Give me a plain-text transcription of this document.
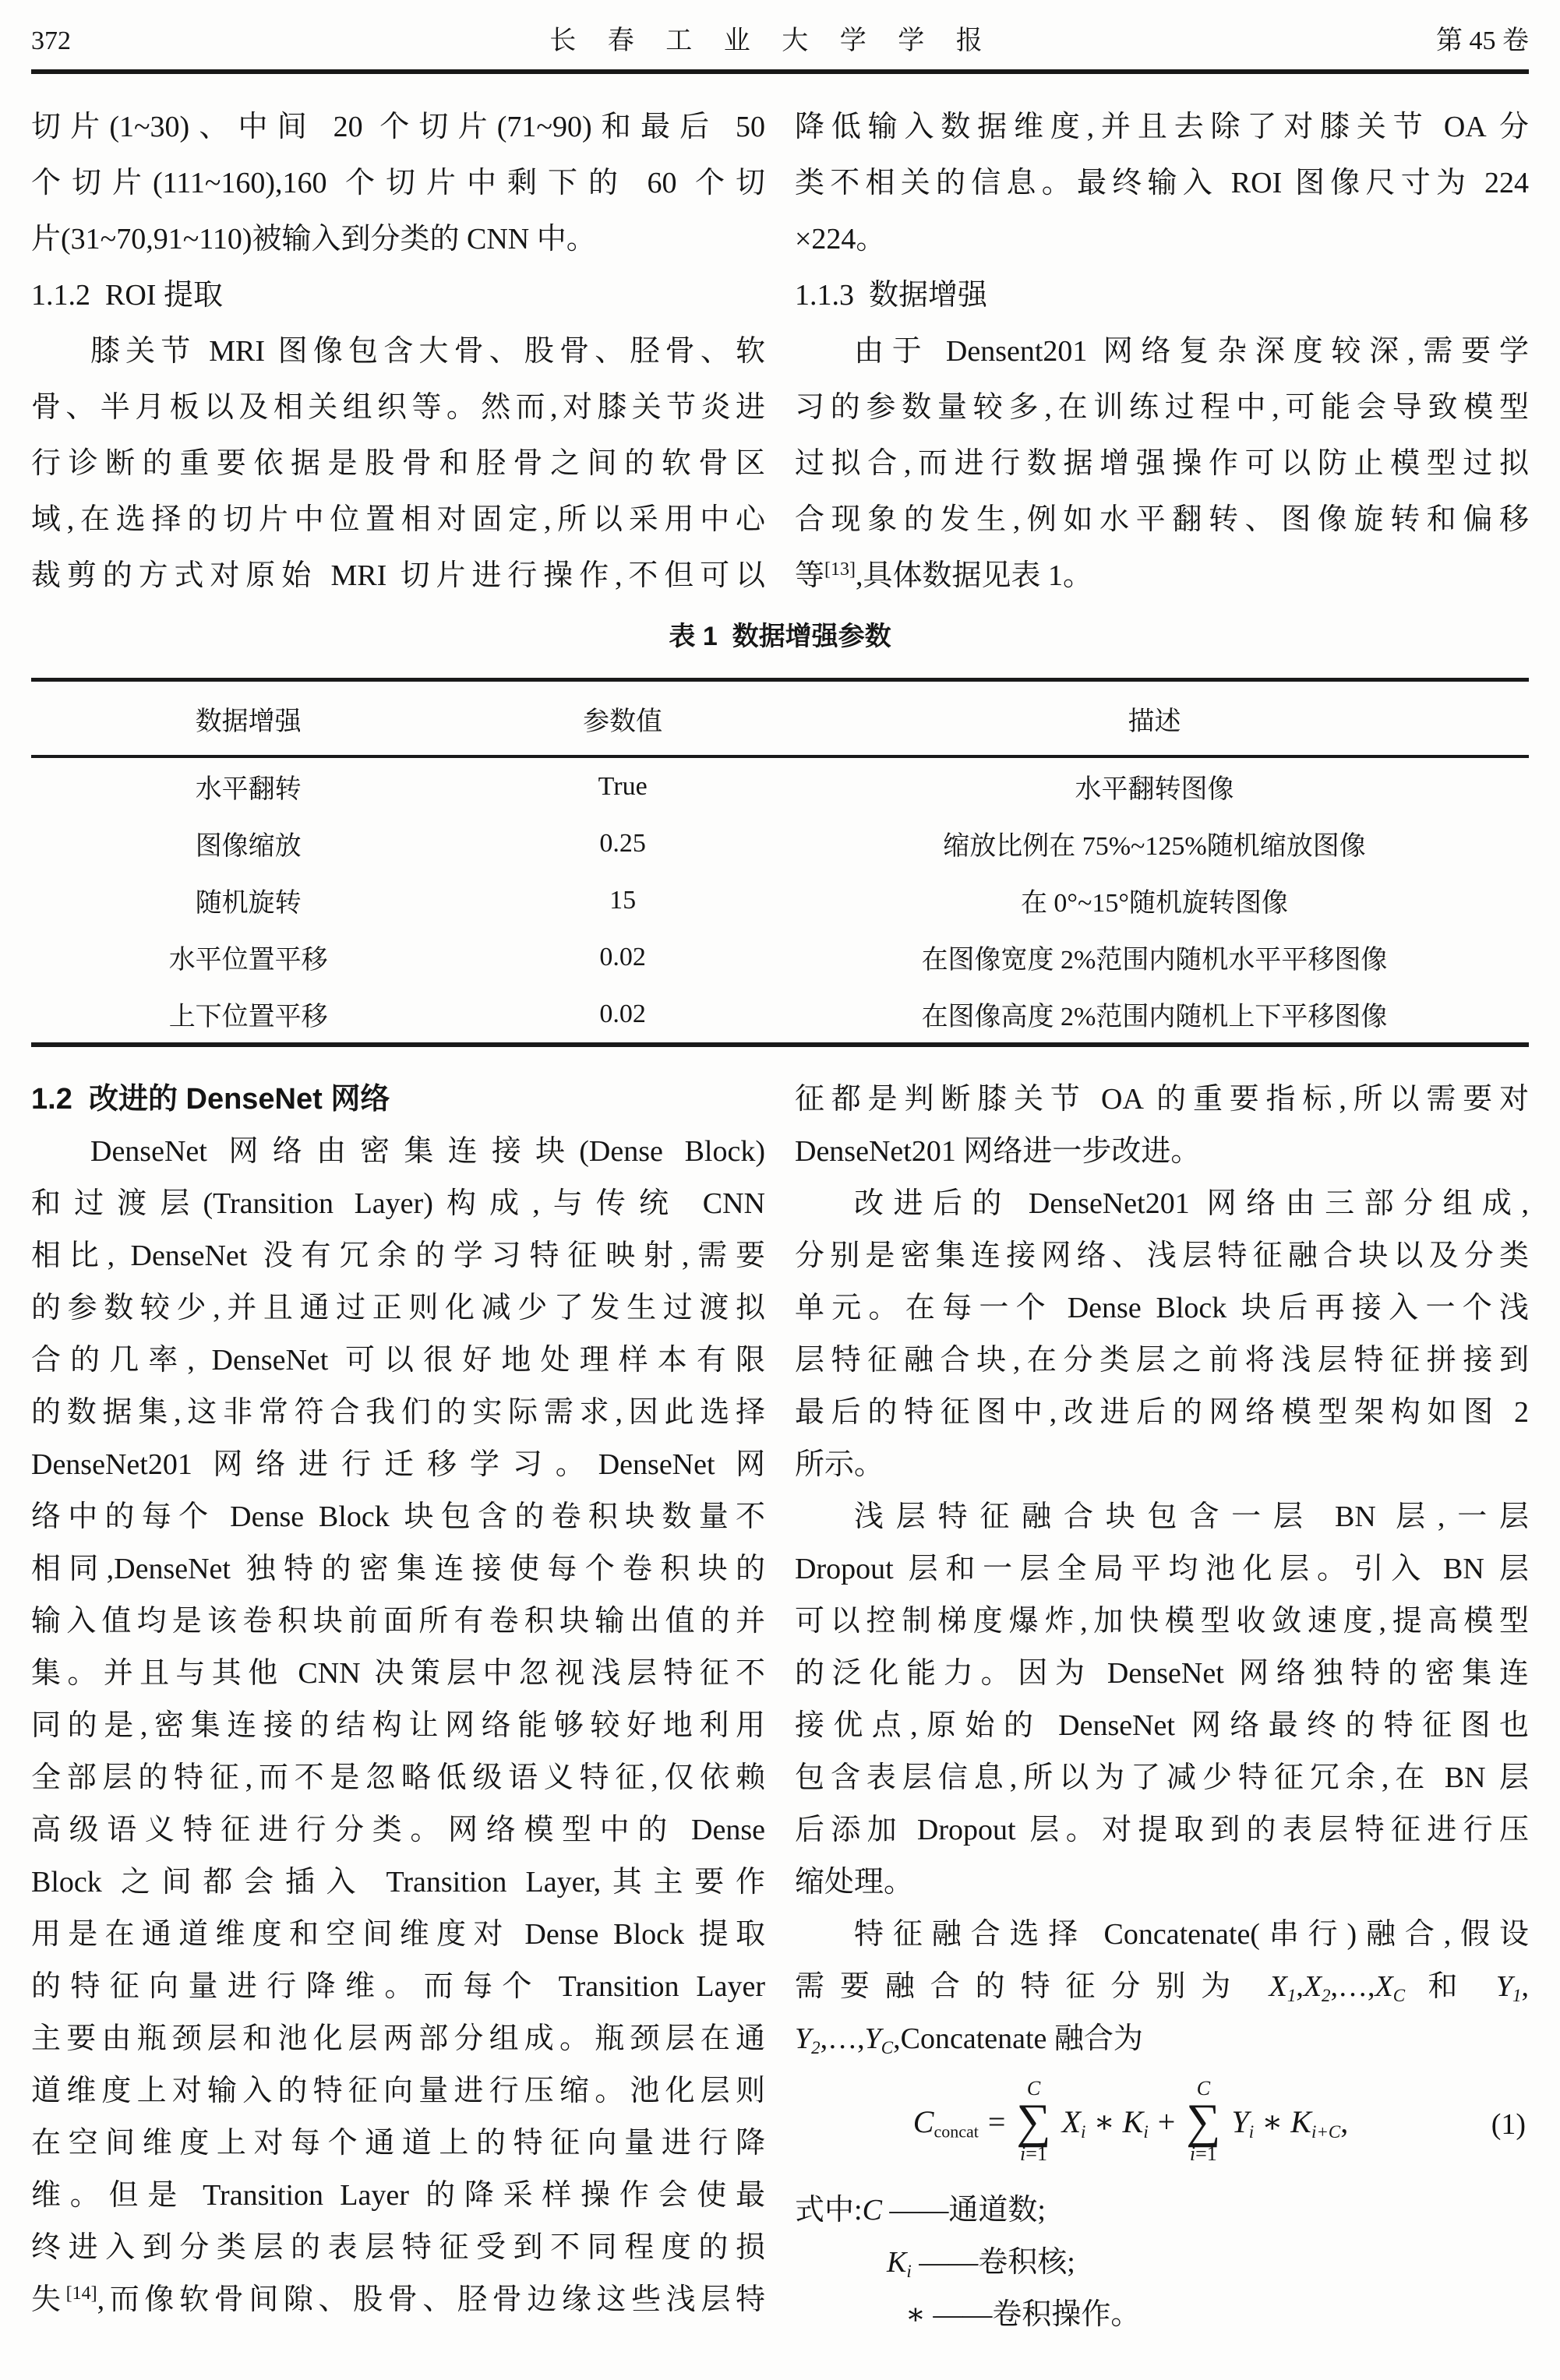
372	长 春 工 业 大 学 学 报	第 45 卷
切片(1~30)、中间 20 个切片(71~90)和最后 50
个切片(111~160),160 个切片中剩下的 60 个切
片(31~70,91~110)被输入到分类的 CNN 中。
1.1.2  ROI 提取
膝关节 MRI 图像包含大骨、股骨、胫骨、软
骨、半月板以及相关组织等。然而,对膝关节炎进
行诊断的重要依据是股骨和胫骨之间的软骨区
域,在选择的切片中位置相对固定,所以采用中心
裁剪的方式对原始 MRI 切片进行操作,不但可以
降低输入数据维度,并且去除了对膝关节 OA 分
类不相关的信息。最终输入 ROI 图像尺寸为 224
×224。
1.1.3  数据增强
由于 Densent201 网络复杂深度较深,需要学
习的参数量较多,在训练过程中,可能会导致模型
过拟合,而进行数据增强操作可以防止模型过拟
合现象的发生,例如水平翻转、图像旋转和偏移
等[13],具体数据见表 1。
表 1  数据增强参数
数据增强	参数值	描述
水平翻转	True	水平翻转图像
图像缩放	0.25	缩放比例在 75%~125%随机缩放图像
随机旋转	15	在 0°~15°随机旋转图像
水平位置平移	0.02	在图像宽度 2%范围内随机水平平移图像
上下位置平移	0.02	在图像高度 2%范围内随机上下平移图像
1.2  改进的 DenseNet 网络
DenseNet 网络由密集连接块(Dense Block)
和过渡层(Transition Layer)构成,与传统 CNN
相比, DenseNet 没有冗余的学习特征映射,需要
的参数较少,并且通过正则化减少了发生过渡拟
合的几率, DenseNet 可以很好地处理样本有限
的数据集,这非常符合我们的实际需求,因此选择
DenseNet201 网络进行迁移学习。DenseNet 网
络中的每个 Dense Block 块包含的卷积块数量不
相同,DenseNet 独特的密集连接使每个卷积块的
输入值均是该卷积块前面所有卷积块输出值的并
集。并且与其他 CNN 决策层中忽视浅层特征不
同的是,密集连接的结构让网络能够较好地利用
全部层的特征,而不是忽略低级语义特征,仅依赖
高级语义特征进行分类。网络模型中的 Dense
Block 之间都会插入 Transition Layer,其主要作
用是在通道维度和空间维度对 Dense Block 提取
的特征向量进行降维。而每个 Transition Layer
主要由瓶颈层和池化层两部分组成。瓶颈层在通
道维度上对输入的特征向量进行压缩。池化层则
在空间维度上对每个通道上的特征向量进行降
维。但是 Transition Layer 的降采样操作会使最
终进入到分类层的表层特征受到不同程度的损
失[14],而像软骨间隙、股骨、胫骨边缘这些浅层特
征都是判断膝关节 OA 的重要指标,所以需要对
DenseNet201 网络进一步改进。
改进后的 DenseNet201 网络由三部分组成,
分别是密集连接网络、浅层特征融合块以及分类
单元。在每一个 Dense Block 块后再接入一个浅
层特征融合块,在分类层之前将浅层特征拼接到
最后的特征图中,改进后的网络模型架构如图 2
所示。
浅层特征融合块包含一层 BN 层,一层
Dropout 层和一层全局平均池化层。引入 BN 层
可以控制梯度爆炸,加快模型收敛速度,提高模型
的泛化能力。因为 DenseNet 网络独特的密集连
接优点,原始的 DenseNet 网络最终的特征图也
包含表层信息,所以为了减少特征冗余,在 BN 层
后添加 Dropout 层。对提取到的表层特征进行压
缩处理。
特征融合选择 Concatenate(串行)融合,假设
需要融合的特征分别为 $X_1,X_2,\dots,X_C$ 和 $Y_1$,
$Y_2,\dots,Y_C,Concatenate$ 融合为
$C_{concat}$ =
C
∑
i=1
$X_i$ ∗ $K_i$ +
C
∑
i=1
$Y_i$ ∗ $K_{i+C}$,	(1)
式中:C ——通道数;
$K_i$ ——卷积核;
∗ ——卷积操作。
